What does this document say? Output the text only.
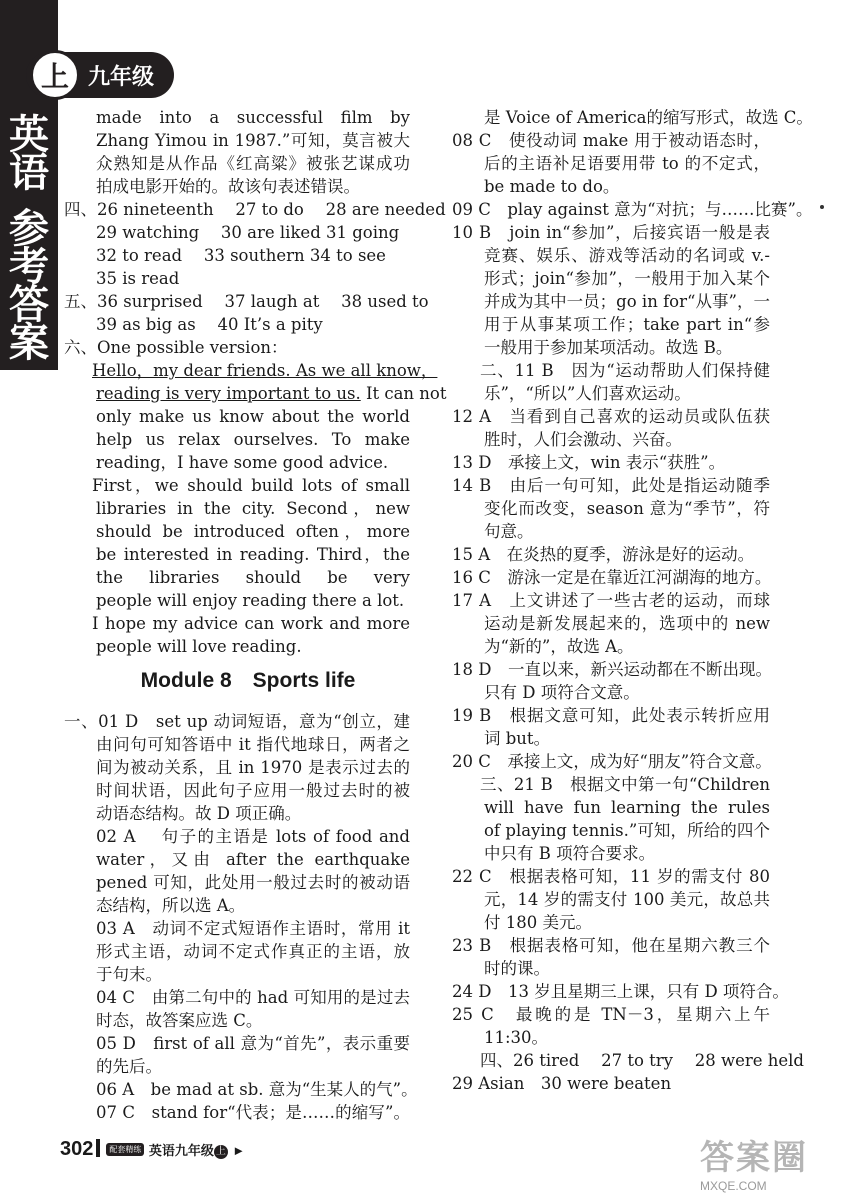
上 九年级
英
语
参
考
答
案
made into a successful film by
Zhang Yimou in 1987.”可知，莫言被大
众熟知是从作品《红高粱》被张艺谋成功
拍成电影开始的。故该句表述错误。
四、26 nineteenth　 27 to do　 28 are needed
29 watching　 30 are liked 31 going
32 to read　 33 southern 34 to see
35 is read
五、36 surprised　 37 laugh at　 38 used to
39 as big as　 40 It’s a pity
六、One possible version：
Hello，my dear friends. As we all know，
reading is very important to us. It can not
only make us know about the world
help us relax ourselves. To make
reading，I have some good advice.
First，we should build lots of small
libraries in the city. Second，new
should be introduced often，more
be interested in reading. Third，the
the libraries should be very
people will enjoy reading there a lot.
I hope my advice can work and more
people will love reading.
Module 8　Sports life
一、01 D　set up 动词短语，意为“创立，建
由问句可知答语中 it 指代地球日，两者之
间为被动关系，且 in 1970 是表示过去的
时间状语，因此句子应用一般过去时的被
动语态结构。故 D 项正确。
02 A　 句子的主语是 lots of food and
water，又由 after the earthquake
pened 可知，此处用一般过去时的被动语
态结构，所以选 A。
03 A　动词不定式短语作主语时，常用 it
形式主语，动词不定式作真正的主语，放
于句末。
04 C　由第二句中的 had 可知用的是过去
时态，故答案应选 C。
05 D　first of all 意为“首先”，表示重要
的先后。
06 A　be mad at sb. 意为“生某人的气”。
07 C　stand for“代表；是……的缩写”。
是 Voice of America的缩写形式，故选 C。
08 C　使役动词 make 用于被动语态时，
后的主语补足语要用带 to 的不定式，
be made to do。
09 C　play against 意为“对抗；与……比赛”。
10 B　join in“参加”，后接宾语一般是表
竞赛、娱乐、游戏等活动的名词或 v.-
形式；join“参加”，一般用于加入某个
并成为其中一员；go in for“从事”，一
用于从事某项工作；take part in“参
一般用于参加某项活动。故选 B。
二、11 B　因为“运动帮助人们保持健
乐”，“所以”人们喜欢运动。
12 A　当看到自己喜欢的运动员或队伍获
胜时，人们会激动、兴奋。
13 D　承接上文，win 表示“获胜”。
14 B　由后一句可知，此处是指运动随季
变化而改变，season 意为“季节”，符
句意。
15 A　在炎热的夏季，游泳是好的运动。
16 C　游泳一定是在靠近江河湖海的地方。
17 A　上文讲述了一些古老的运动，而球
运动是新发展起来的，选项中的 new
为“新的”，故选 A。
18 D　一直以来，新兴运动都在不断出现。
只有 D 项符合文意。
19 B　根据文意可知，此处表示转折应用
词 but。
20 C　承接上文，成为好“朋友”符合文意。
三、21 B　根据文中第一句“Children
will have fun learning the rules
of playing tennis.”可知，所给的四个
中只有 B 项符合要求。
22 C　根据表格可知，11 岁的需支付 80
元，14 岁的需支付 100 美元，故总共
付 180 美元。
23 B　根据表格可知，他在星期六教三个
时的课。
24 D　13 岁且星期三上课，只有 D 项符合。
25 C　最晚的是 TN－3，星期六上午
11:30。
四、26 tired　 27 to try　 28 were held
29 Asian　30 were beaten
302 配套精练 英语九年级 上 ►	答案圈
MXQE.COM
